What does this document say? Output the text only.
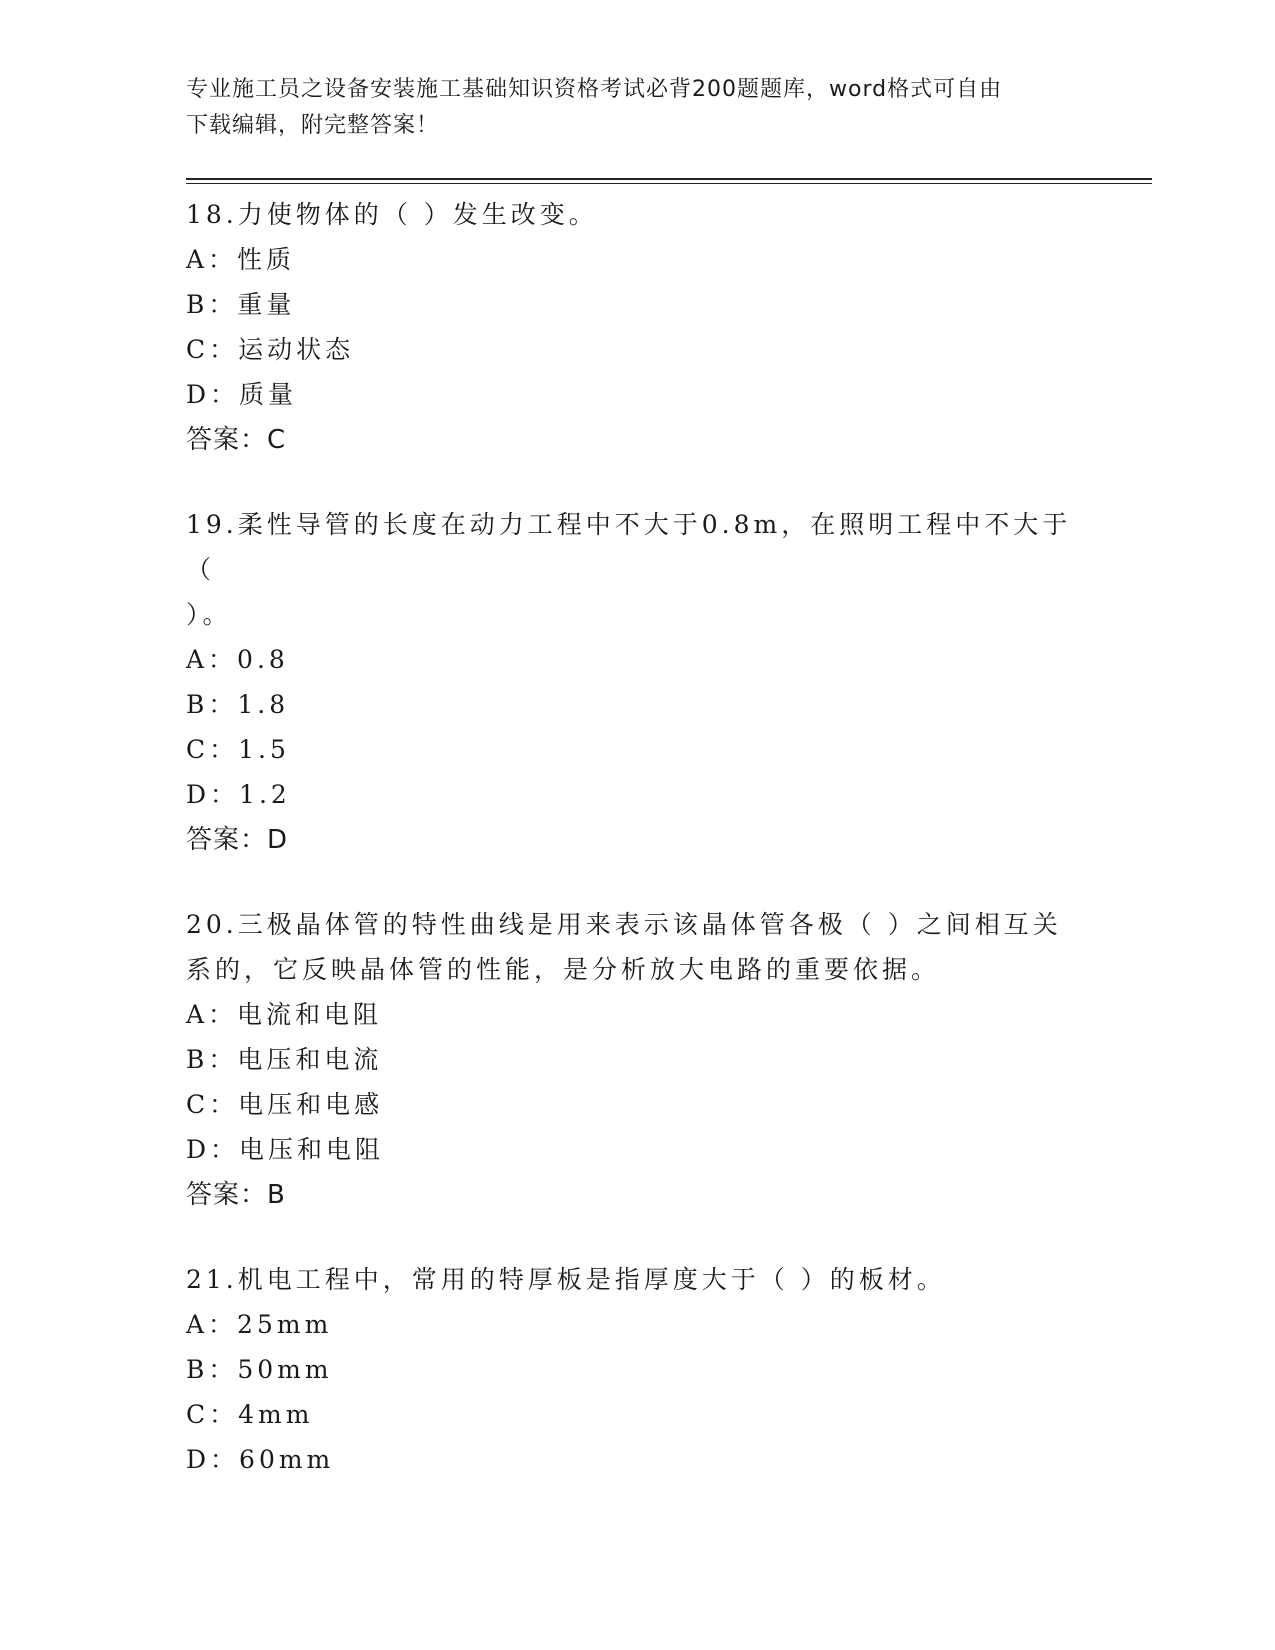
专业施工员之设备安装施工基础知识资格考试必背200题题库，word格式可自由
下载编辑，附完整答案！
18.力使物体的（ ）发生改变。
A：性质
B：重量
C：运动状态
D：质量
答案：C
19.柔性导管的长度在动力工程中不大于0.8m，在照明工程中不大于（
）。
A：0.8
B：1.8
C：1.5
D：1.2
答案：D
20.三极晶体管的特性曲线是用来表示该晶体管各极（ ）之间相互关
系的，它反映晶体管的性能，是分析放大电路的重要依据。
A：电流和电阻
B：电压和电流
C：电压和电感
D：电压和电阻
答案：B
21.机电工程中，常用的特厚板是指厚度大于（ ）的板材。
A：25mm
B：50mm
C：4mm
D：60mm
